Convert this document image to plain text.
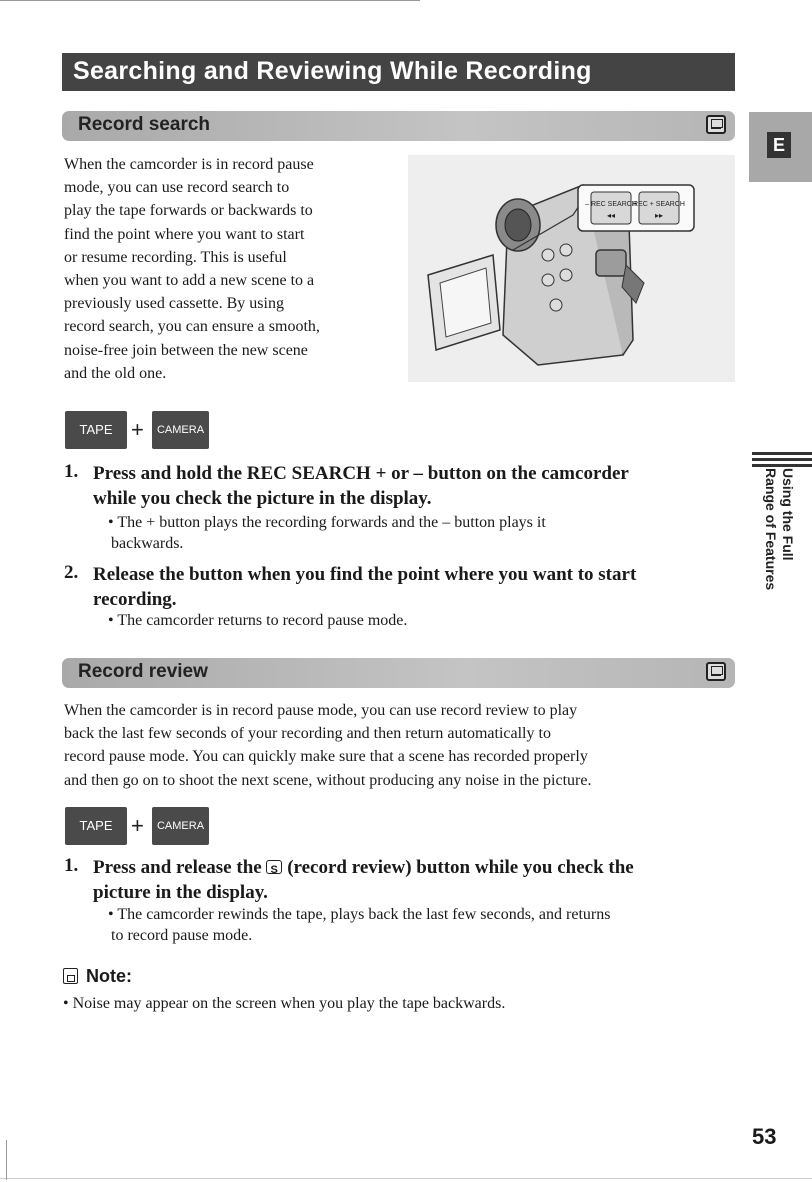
Searching and Reviewing While Recording
E
Using the Full
Range of Features
Record search
When the camcorder is in record pause
mode, you can use record search to
play the tape forwards or backwards to
find the point where you want to start
or resume recording. This is useful
when you want to add a new scene to a
previously used cassette. By using
record search, you can ensure a smooth,
noise-free join between the new scene
and the old one.
– REC SEARCH
◂◂
REC + SEARCH
▸▸
TAPE +	CAMERA
1. Press and hold the REC SEARCH + or – button on the camcorder
while you check the picture in the display.
• The + button plays the recording forwards and the – button plays it
backwards.
2. Release the button when you find the point where you want to start
recording.
• The camcorder returns to record pause mode.
Record review
When the camcorder is in record pause mode, you can use record review to play
back the last few seconds of your recording and then return automatically to
record pause mode. You can quickly make sure that a scene has recorded properly
and then go on to shoot the next scene, without producing any noise in the picture.
TAPE +	CAMERA
1. Press and release the S (record review) button while you check the
picture in the display.
• The camcorder rewinds the tape, plays back the last few seconds, and returns
to record pause mode.
Note:
• Noise may appear on the screen when you play the tape backwards.
53
